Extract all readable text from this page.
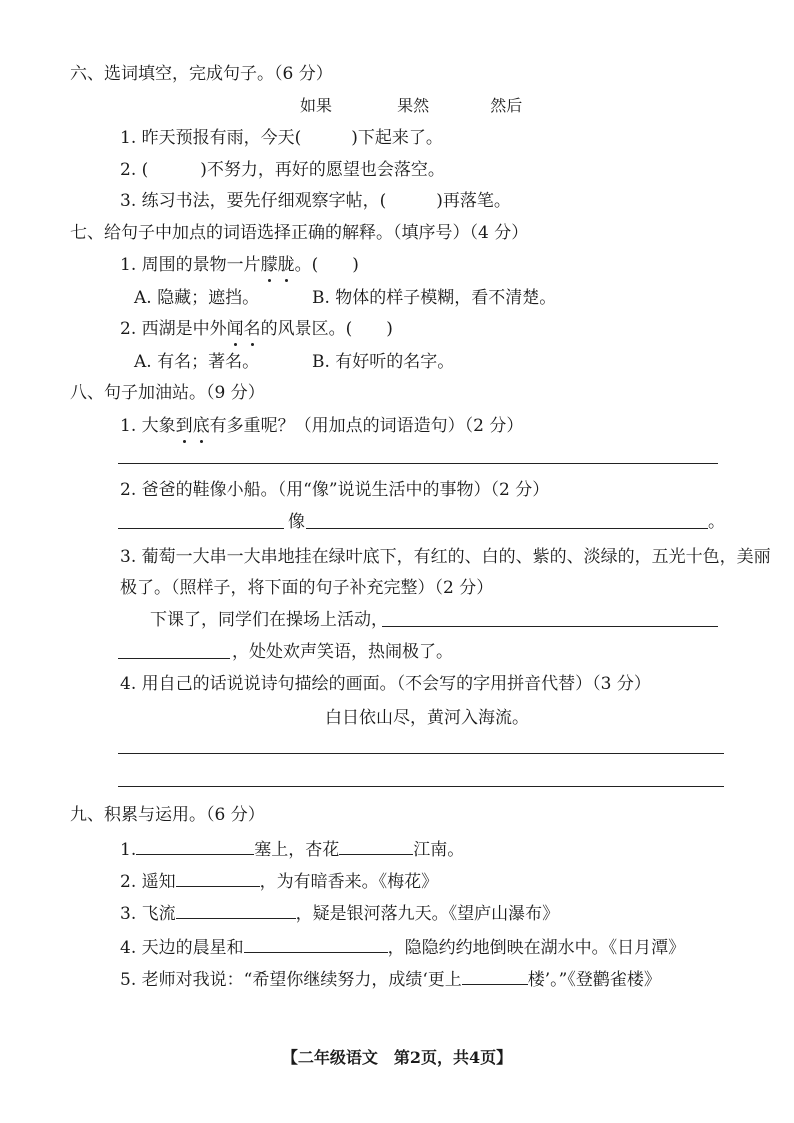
六、选词填空，完成句子。（6 分）
如果	果然	然后
1. 昨天预报有雨，今天(	)下起来了。
2. (	)不努力，再好的愿望也会落空。
3. 练习书法，要先仔细观察字帖，(	)再落笔。
七、给句子中加点的词语选择正确的解释。（填序号）（4 分）
1. 周围的景物一片朦胧。(　　)
A. 隐藏；遮挡。	B. 物体的样子模糊，看不清楚。
2. 西湖是中外闻名的风景区。(　　)
A. 有名；著名。	B. 有好听的名字。
八、句子加油站。（9 分）
1. 大象到底有多重呢？（用加点的词语造句）（2 分）
2. 爸爸的鞋像小船。（用“像”说说生活中的事物）（2 分）
像	。
3. 葡萄一大串一大串地挂在绿叶底下，有红的、白的、紫的、淡绿的，五光十色，美丽
极了。（照样子，将下面的句子补充完整）（2 分）
下课了，同学们在操场上活动，
，处处欢声笑语，热闹极了。
4. 用自己的话说说诗句描绘的画面。（不会写的字用拼音代替）（3 分）
白日依山尽，黄河入海流。
九、积累与运用。（6 分）
1.	塞上，杏花	江南。
2. 遥知	，为有暗香来。《梅花》
3. 飞流	，疑是银河落九天。《望庐山瀑布》
4. 天边的晨星和	，隐隐约约地倒映在湖水中。《日月潭》
5. 老师对我说：“希望你继续努力，成绩‘更上	楼’。”《登鹳雀楼》
【二年级语文　第2页，共4页】
